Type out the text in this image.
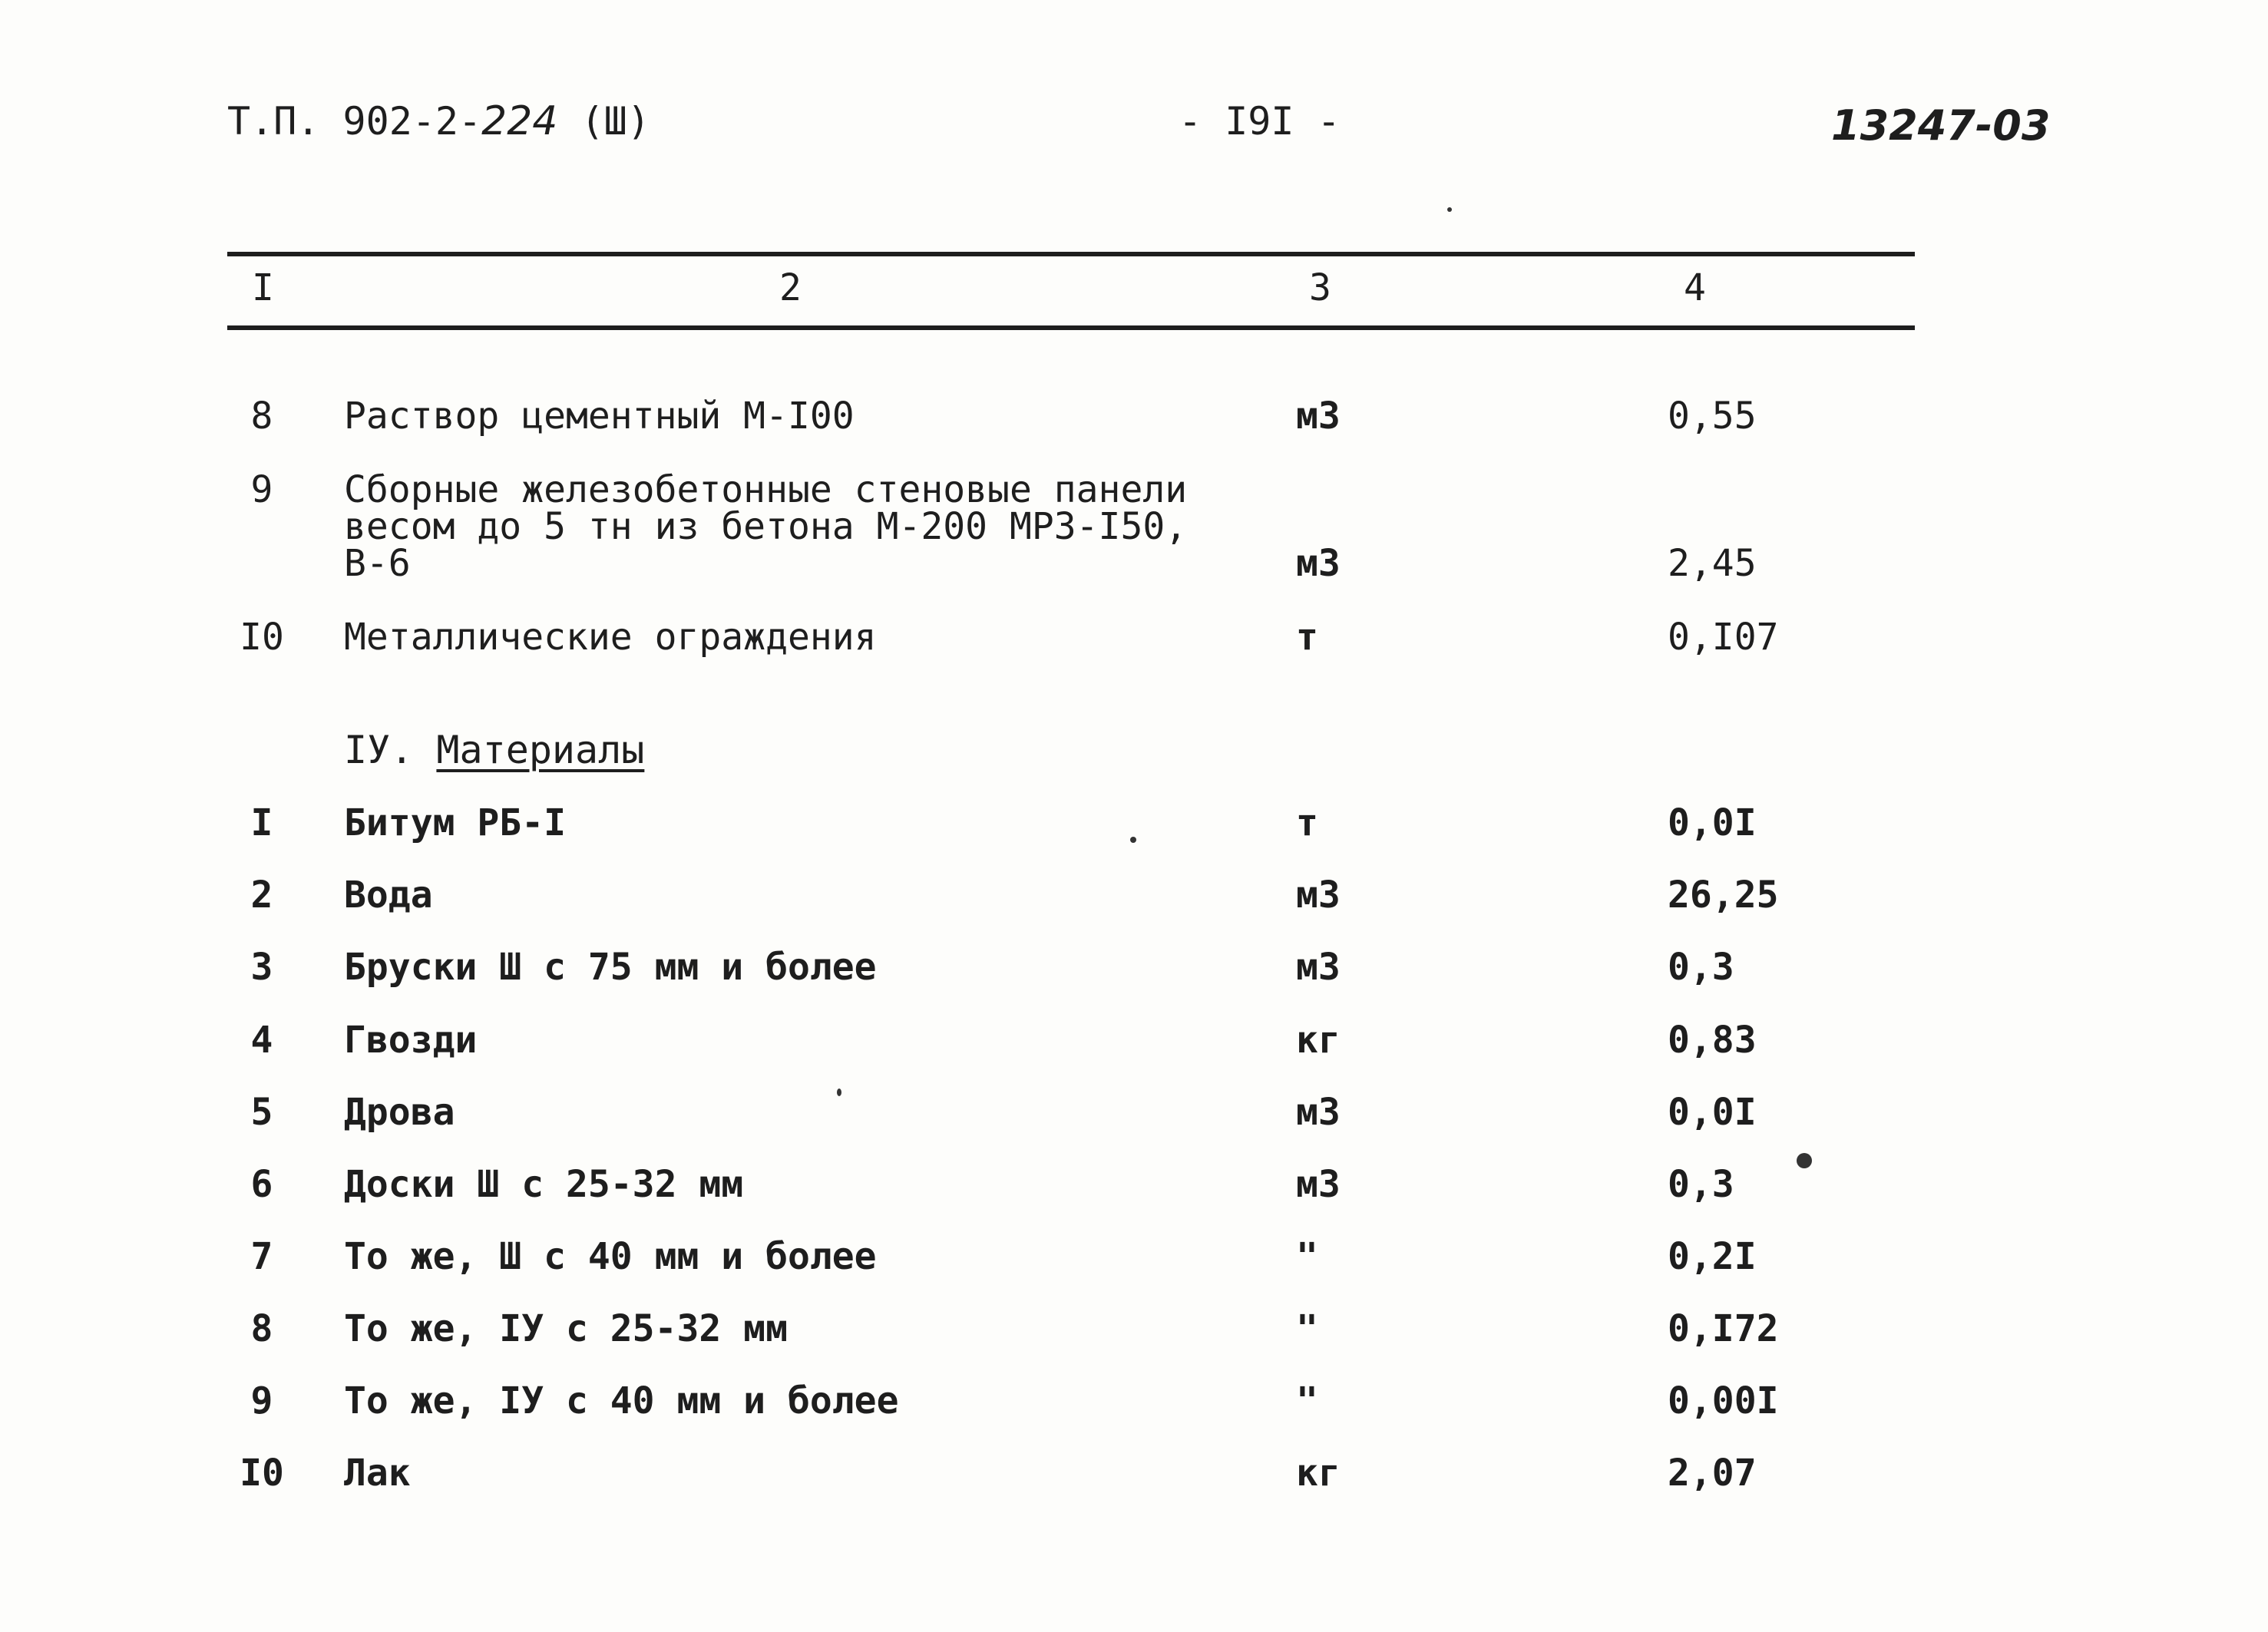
Т.П. 902-2-224 (Ш)	- I9I -	13247-03
I	2	3	4
8	Раствор цементный М-I00	м3	0,55
9	Сборные железобетонные стеновые панели
весом до 5 тн из бетона М-200 МРЗ-I50,
В-6	м3	2,45
I0	Металлические ограждения	т	0,I07
IУ. Материалы
I	Битум РБ-I	т	0,0I
2	Вода	м3	26,25
3	Бруски Ш с 75 мм и более	м3	0,3
4	Гвозди	кг	0,83
5	Дрова	м3	0,0I
6	Доски Ш с 25-32 мм	м3	0,3
7	То же, Ш с 40 мм и более	"	0,2I
8	То же, IУ с 25-32 мм	"	0,I72
9	То же, IУ с 40 мм и более	"	0,00I
I0	Лак	кг	2,07
